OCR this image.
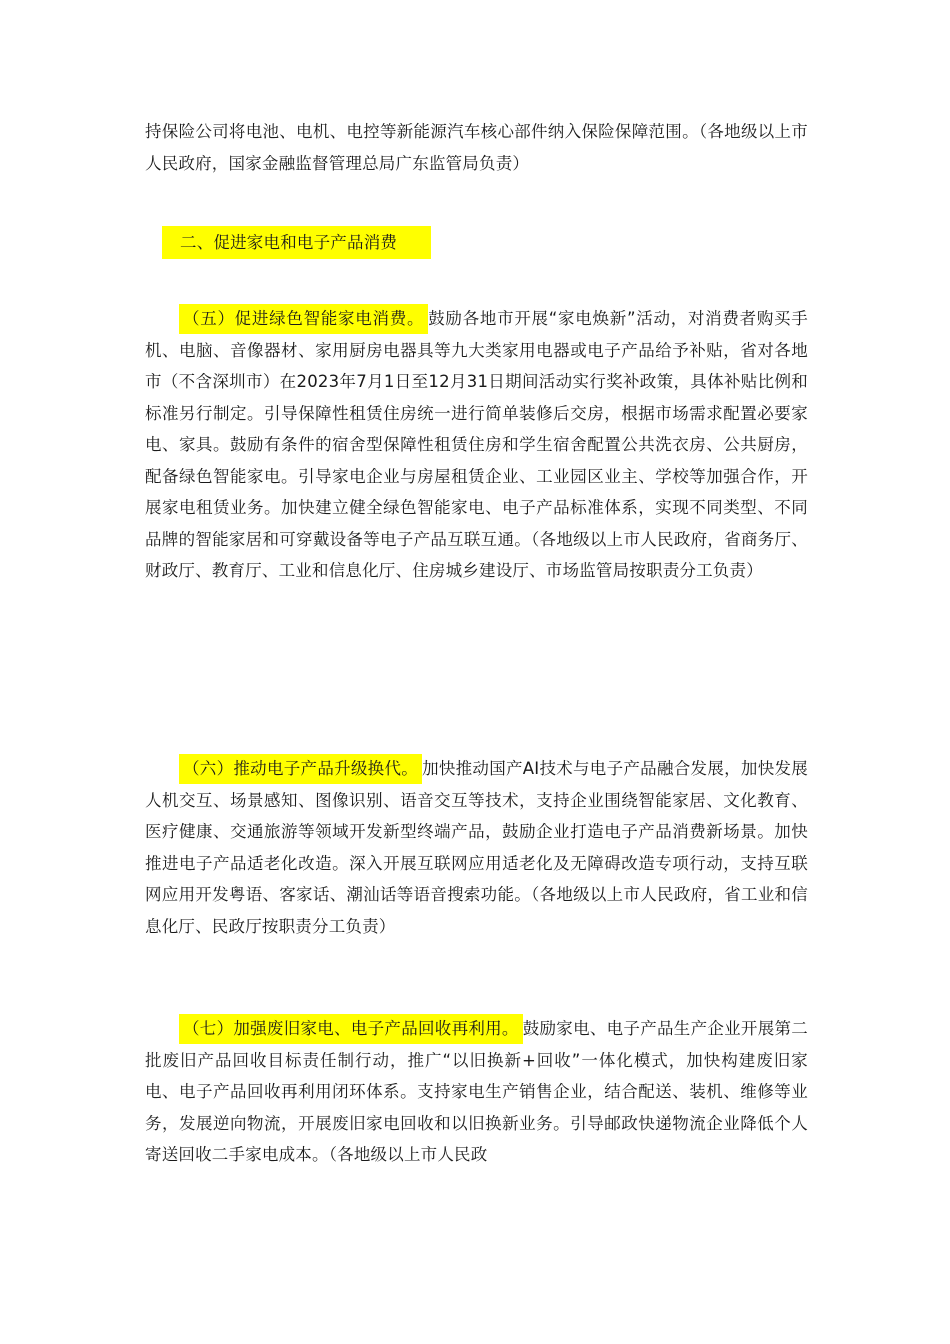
持保险公司将电池、电机、电控等新能源汽车核心部件纳入保险保障范围。（各地级以上市人民政府，国家金融监督管理总局广东监管局负责）

二、促进家电和电子产品消费

（五）促进绿色智能家电消费。 鼓励各地市开展“家电焕新”活动，对消费者购买手机、电脑、音像器材、家用厨房电器具等九大类家用电器或电子产品给予补贴，省对各地市（不含深圳市）在2023年7月1日至12月31日期间活动实行奖补政策，具体补贴比例和标准另行制定。引导保障性租赁住房统一进行简单装修后交房，根据市场需求配置必要家电、家具。鼓励有条件的宿舍型保障性租赁住房和学生宿舍配置公共洗衣房、公共厨房，配备绿色智能家电。引导家电企业与房屋租赁企业、工业园区业主、学校等加强合作，开展家电租赁业务。加快建立健全绿色智能家电、电子产品标准体系，实现不同类型、不同品牌的智能家居和可穿戴设备等电子产品互联互通。（各地级以上市人民政府，省商务厅、财政厅、教育厅、工业和信息化厅、住房城乡建设厅、市场监管局按职责分工负责）

（六）推动电子产品升级换代。 加快推动国产AI技术与电子产品融合发展，加快发展人机交互、场景感知、图像识别、语音交互等技术，支持企业围绕智能家居、文化教育、医疗健康、交通旅游等领域开发新型终端产品，鼓励企业打造电子产品消费新场景。加快推进电子产品适老化改造。深入开展互联网应用适老化及无障碍改造专项行动，支持互联网应用开发粤语、客家话、潮汕话等语音搜索功能。（各地级以上市人民政府，省工业和信息化厅、民政厅按职责分工负责）

（七）加强废旧家电、电子产品回收再利用。 鼓励家电、电子产品生产企业开展第二批废旧产品回收目标责任制行动，推广“以旧换新+回收”一体化模式，加快构建废旧家电、电子产品回收再利用闭环体系。支持家电生产销售企业，结合配送、装机、维修等业务，发展逆向物流，开展废旧家电回收和以旧换新业务。引导邮政快递物流企业降低个人寄送回收二手家电成本。（各地级以上市人民政
